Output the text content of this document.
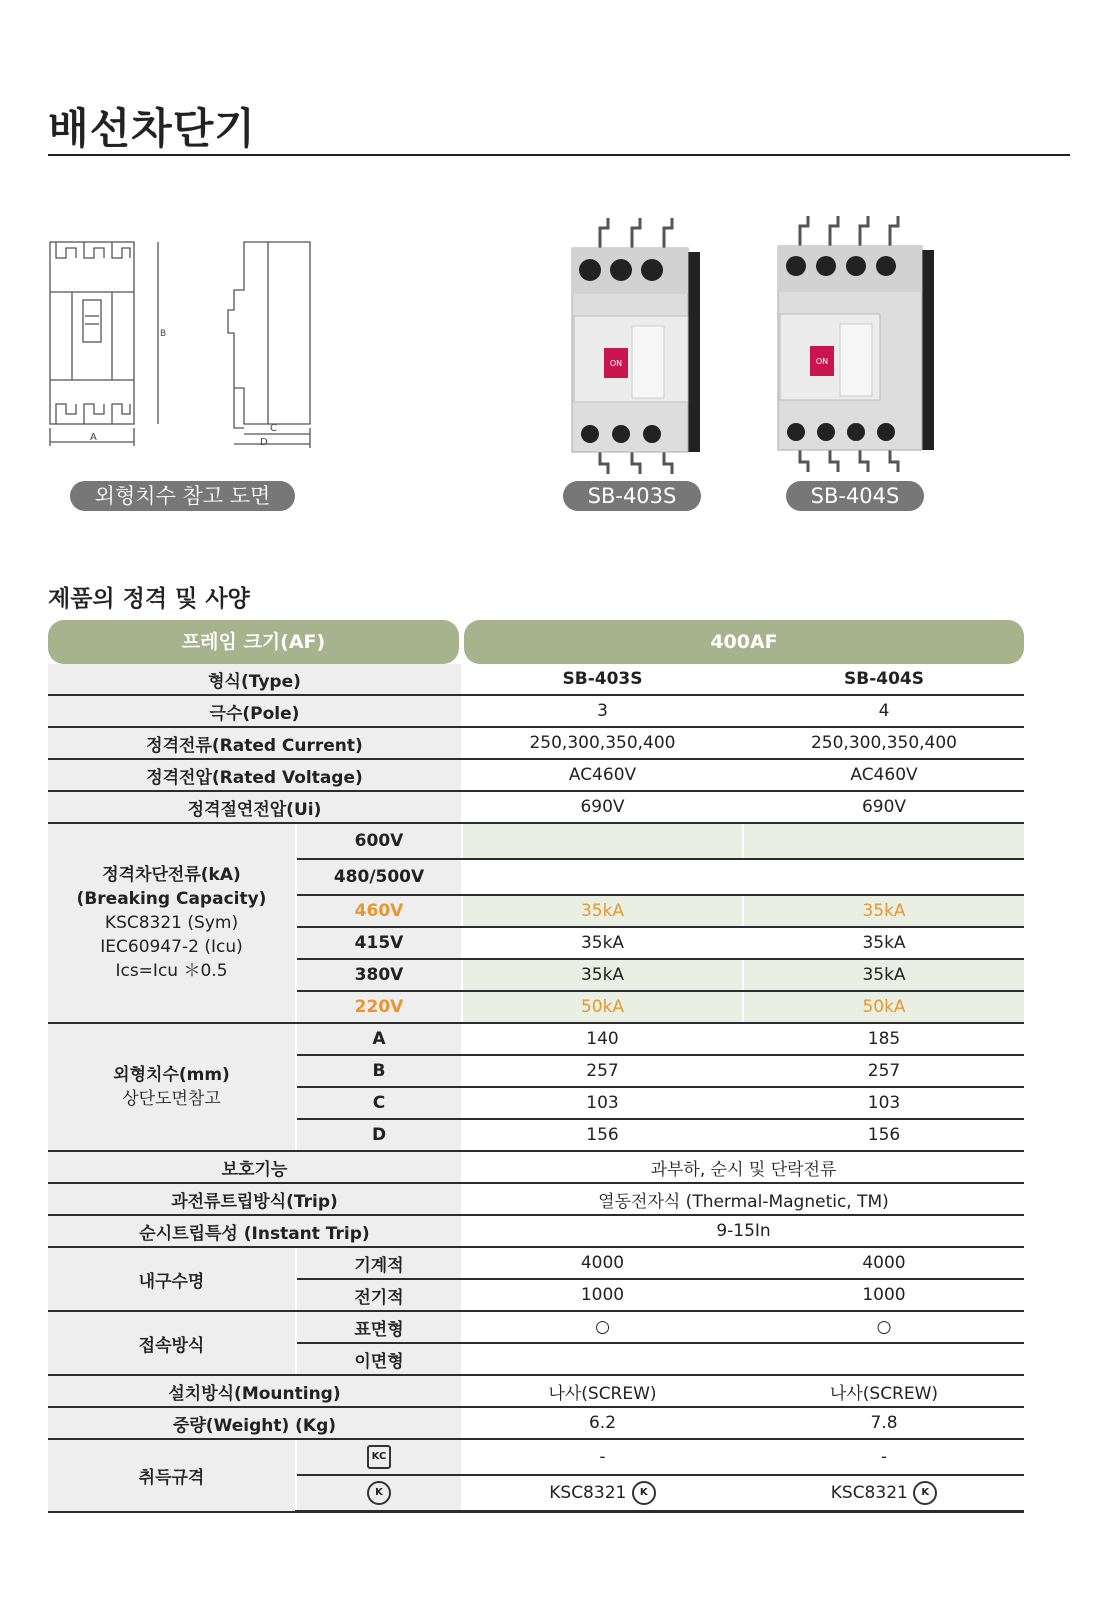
배선차단기
B
A
C
D
외형치수 참고 도면
ON
SB-403S
ON
SB-404S
제품의 정격 및 사양
프레임 크기(AF)	400AF
형식(Type)		SB-403S	SB-404S
극수(Pole)		3	4
정격전류(Rated Current)		250,300,350,400	250,300,350,400
정격전압(Rated Voltage)		AC460V	AC460V
정격절연전압(Ui)		690V	690V

정격차단전류(kA)
(Breaking Capacity)
KSC8321 (Sym)
IEC60947-2 (Icu)
Ics=Icu ＊0.5	600V		
	480/500V		
	460V	35kA	35kA
	415V	35kA	35kA
	380V	35kA	35kA
	220V	50kA	50kA

외형치수(mm)
상단도면참고	A	140	185
	B	257	257
	C	103	103
	D	156	156
보호기능		과부하, 순시 및 단락전류	
과전류트립방식(Trip)		열동전자식 (Thermal-Magnetic, TM)	
순시트립특성 (Instant Trip)		9-15In	
내구수명	기계적	4000	4000
	전기적	1000	1000
접속방식	표면형	○	○
	이면형		
설치방식(Mounting)		나사(SCREW)	나사(SCREW)
중량(Weight) (Kg)		6.2	7.8
취득규격	KC	-	-
	K	KSC8321 K	KSC8321 K
